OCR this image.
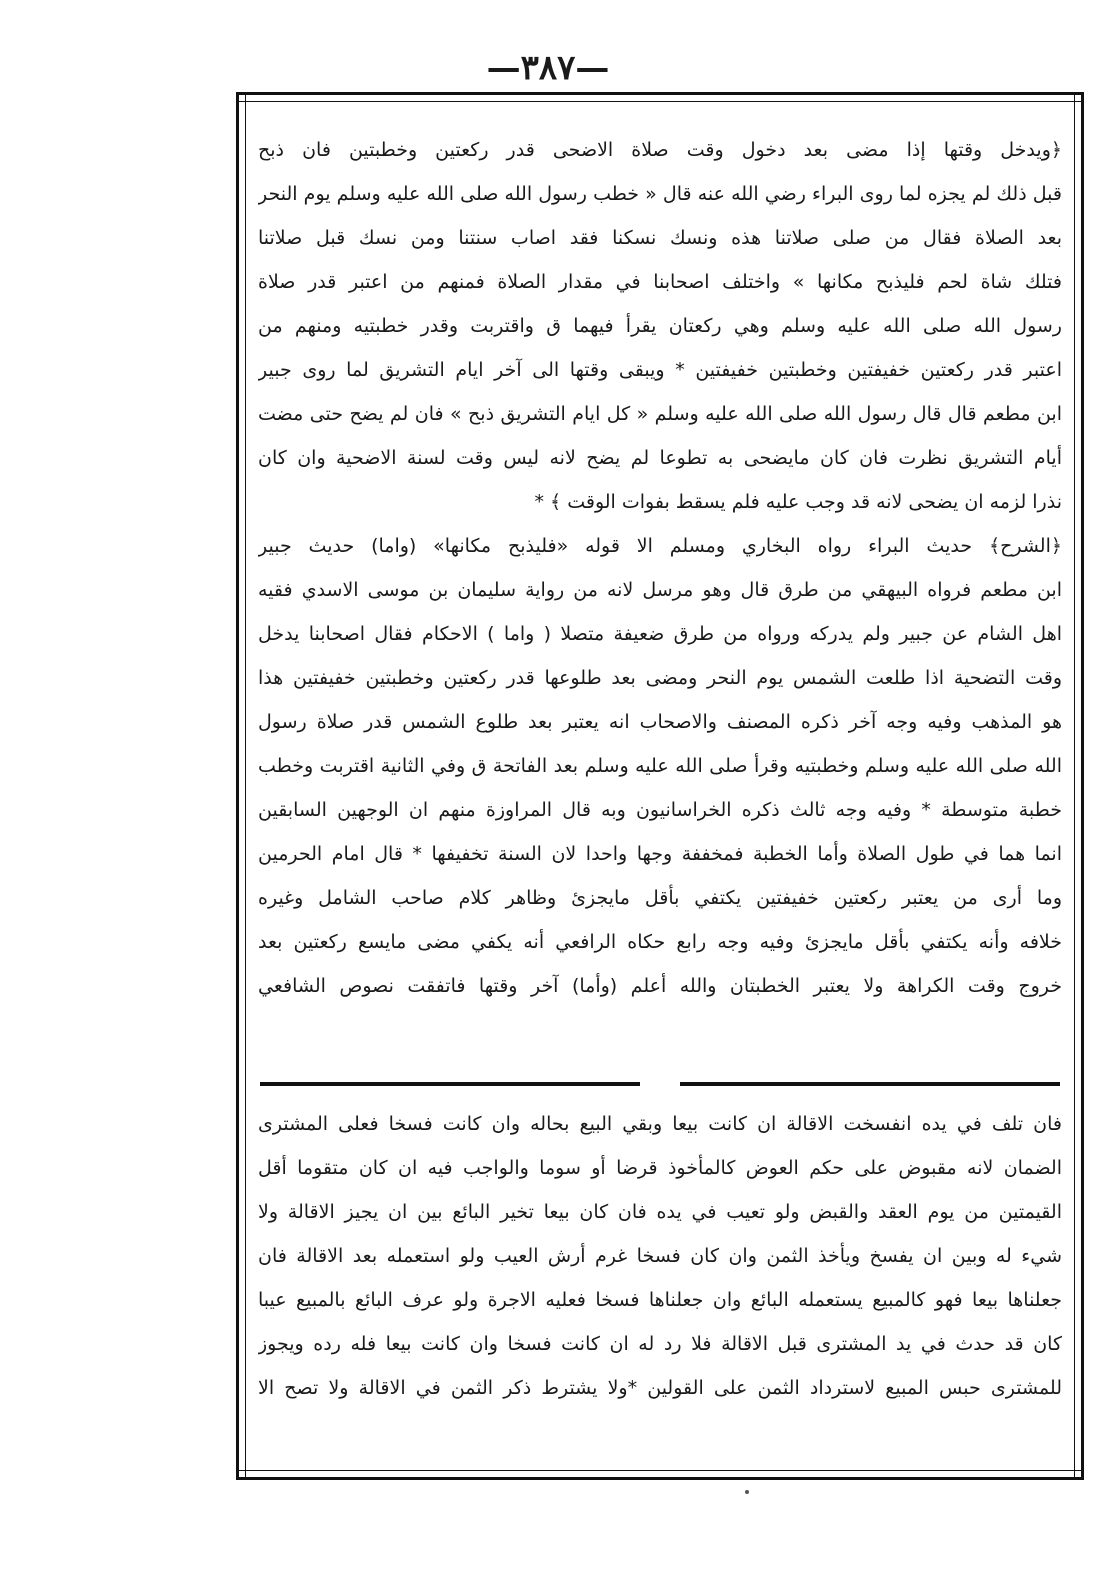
—٣٨٧—
﴿ويدخل وقتها إذا مضى بعد دخول وقت صلاة الاضحى قدر ركعتين وخطبتين فان ذبح
قبل ذلك لم يجزه لما روى البراء رضي الله عنه قال « خطب رسول الله صلى الله عليه وسلم يوم النحر
بعد الصلاة فقال من صلى صلاتنا هذه ونسك نسكنا فقد اصاب سنتنا ومن نسك قبل صلاتنا
فتلك شاة لحم فليذبح مكانها » واختلف اصحابنا في مقدار الصلاة فمنهم من اعتبر قدر صلاة
رسول الله صلى الله عليه وسلم وهي ركعتان يقرأ فيهما ق واقتربت وقدر خطبتيه ومنهم من
اعتبر قدر ركعتين خفيفتين وخطبتين خفيفتين * ويبقى وقتها الى آخر ايام التشريق لما روى جبير
ابن مطعم قال قال رسول الله صلى الله عليه وسلم « كل ايام التشريق ذبح » فان لم يضح حتى مضت
أيام التشريق نظرت فان كان مايضحى به تطوعا لم يضح لانه ليس وقت لسنة الاضحية وان كان
نذرا لزمه ان يضحى لانه قد وجب عليه فلم يسقط بفوات الوقت ﴾ *
﴿الشرح﴾ حديث البراء رواه البخاري ومسلم الا قوله «فليذبح مكانها» (واما) حديث جبير
ابن مطعم فرواه البيهقي من طرق قال وهو مرسل لانه من رواية سليمان بن موسى الاسدي فقيه
اهل الشام عن جبير ولم يدركه ورواه من طرق ضعيفة متصلا ( واما ) الاحكام فقال اصحابنا يدخل
وقت التضحية اذا طلعت الشمس يوم النحر ومضى بعد طلوعها قدر ركعتين وخطبتين خفيفتين هذا
هو المذهب وفيه وجه آخر ذكره المصنف والاصحاب انه يعتبر بعد طلوع الشمس قدر صلاة رسول
الله صلى الله عليه وسلم وخطبتيه وقرأ صلى الله عليه وسلم بعد الفاتحة ق وفي الثانية اقتربت وخطب
خطبة متوسطة * وفيه وجه ثالث ذكره الخراسانيون وبه قال المراوزة منهم ان الوجهين السابقين
انما هما في طول الصلاة وأما الخطبة فمخففة وجها واحدا لان السنة تخفيفها * قال امام الحرمين
وما أرى من يعتبر ركعتين خفيفتين يكتفي بأقل مايجزئ وظاهر كلام صاحب الشامل وغيره
خلافه وأنه يكتفي بأقل مايجزئ وفيه وجه رابع حكاه الرافعي أنه يكفي مضى مايسع ركعتين بعد
خروج وقت الكراهة ولا يعتبر الخطبتان والله أعلم (وأما) آخر وقتها فاتفقت نصوص الشافعي
فان تلف في يده انفسخت الاقالة ان كانت بيعا وبقي البيع بحاله وان كانت فسخا فعلى المشترى
الضمان لانه مقبوض على حكم العوض كالمأخوذ قرضا أو سوما والواجب فيه ان كان متقوما أقل
القيمتين من يوم العقد والقبض ولو تعيب في يده فان كان بيعا تخير البائع بين ان يجيز الاقالة ولا
شيء له وبين ان يفسخ ويأخذ الثمن وان كان فسخا غرم أرش العيب ولو استعمله بعد الاقالة فان
جعلناها بيعا فهو كالمبيع يستعمله البائع وان جعلناها فسخا فعليه الاجرة ولو عرف البائع بالمبيع عيبا
كان قد حدث في يد المشترى قبل الاقالة فلا رد له ان كانت فسخا وان كانت بيعا فله رده ويجوز
للمشترى حبس المبيع لاسترداد الثمن على القولين *ولا يشترط ذكر الثمن في الاقالة ولا تصح الا
